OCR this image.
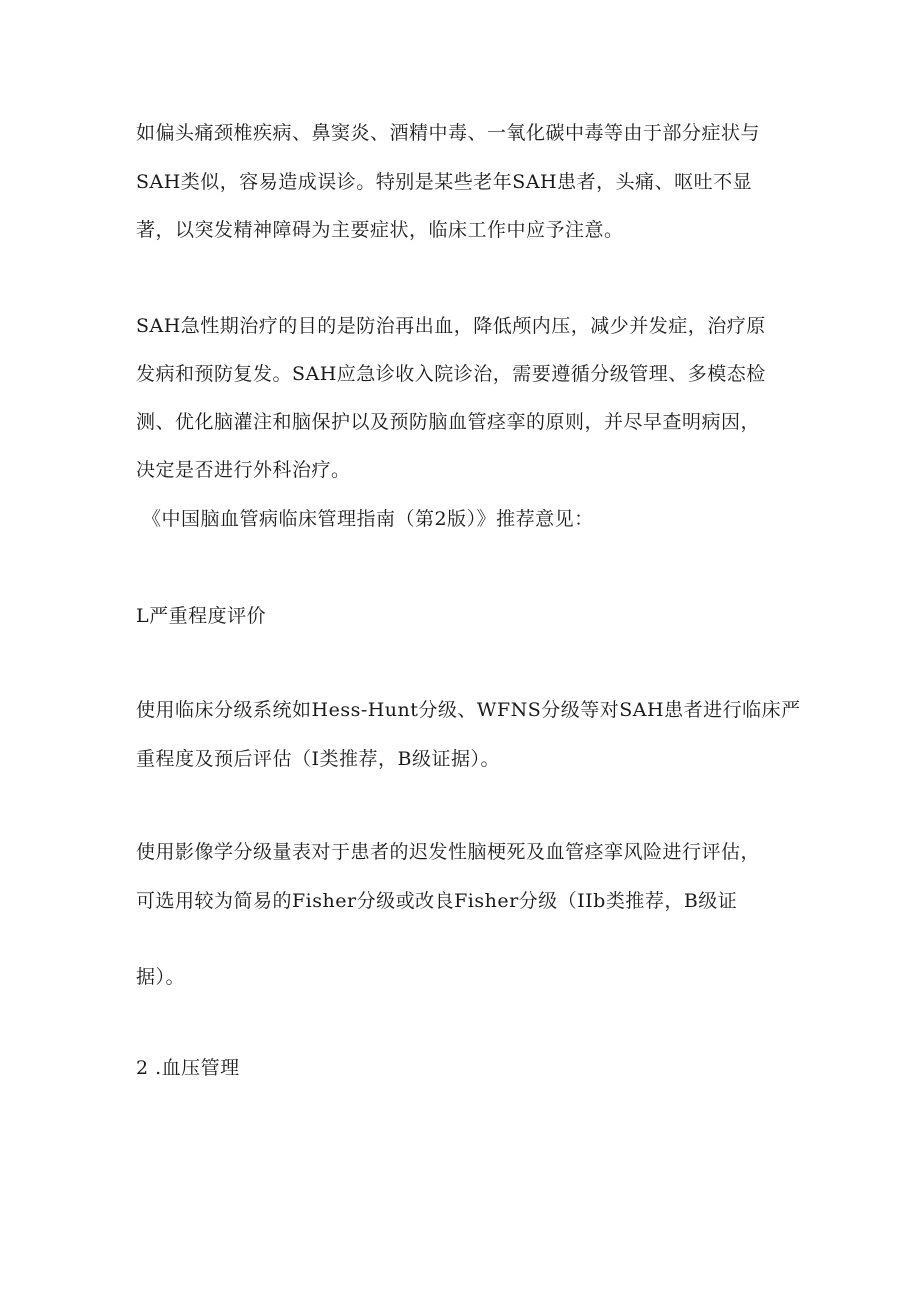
如偏头痛颈椎疾病、鼻窦炎、酒精中毒、一氧化碳中毒等由于部分症状与
SAH类似，容易造成误诊。特别是某些老年SAH患者，头痛、呕吐不显
著，以突发精神障碍为主要症状，临床工作中应予注意。
SAH急性期治疗的目的是防治再出血，降低颅内压，减少并发症，治疗原
发病和预防复发。SAH应急诊收入院诊治，需要遵循分级管理、多模态检
测、优化脑灌注和脑保护以及预防脑血管痉挛的原则，并尽早查明病因，
决定是否进行外科治疗。
《中国脑血管病临床管理指南（第2版）》推荐意见：
L严重程度评价
使用临床分级系统如Hess-Hunt分级、WFNS分级等对SAH患者进行临床严
重程度及预后评估（I类推荐，B级证据）。
使用影像学分级量表对于患者的迟发性脑梗死及血管痉挛风险进行评估，
可选用较为简易的Fisher分级或改良Fisher分级（IIb类推荐，B级证
据）。
2 .血压管理
